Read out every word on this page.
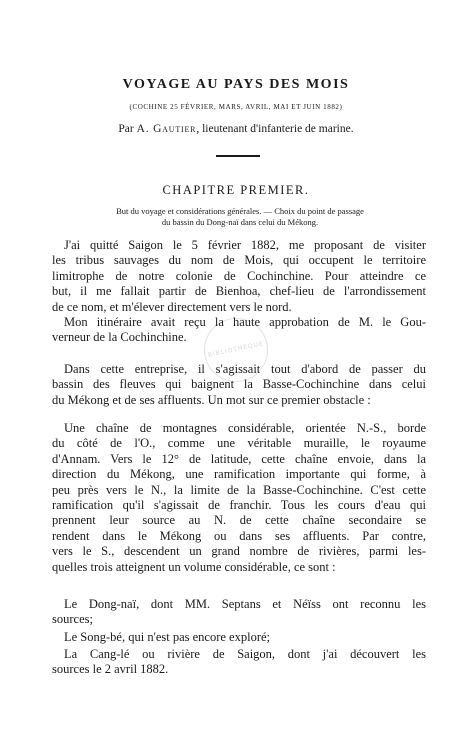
VOYAGE AU PAYS DES MOIS
(COCHINE 25 FÉVRIER, MARS, AVRIL, MAI ET JUIN 1882)
Par A. Gautier, lieutenant d'infanterie de marine.
CHAPITRE PREMIER.
But du voyage et considérations générales. — Choix du point de passage
du bassin du Dong-naï dans celui du Mékong.
BIBLIOTHÈQUE
J'ai quitté Saigon le 5 février 1882, me proposant de visiter
les tribus sauvages du nom de Mois, qui occupent le territoire
limitrophe de notre colonie de Cochinchine. Pour atteindre ce
but, il me fallait partir de Bienhoa, chef-lieu de l'arrondissement
de ce nom, et m'élever directement vers le nord.
Mon itinéraire avait reçu la haute approbation de M. le Gou-
verneur de la Cochinchine.
Dans cette entreprise, il s'agissait tout d'abord de passer du
bassin des fleuves qui baignent la Basse-Cochinchine dans celui
du Mékong et de ses affluents. Un mot sur ce premier obstacle :
Une chaîne de montagnes considérable, orientée N.-S., borde
du côté de l'O., comme une véritable muraille, le royaume
d'Annam. Vers le 12° de latitude, cette chaîne envoie, dans la
direction du Mékong, une ramification importante qui forme, à
peu près vers le N., la limite de la Basse-Cochinchine. C'est cette
ramification qu'il s'agissait de franchir. Tous les cours d'eau qui
prennent leur source au N. de cette chaîne secondaire se
rendent dans le Mékong ou dans ses affluents. Par contre,
vers le S., descendent un grand nombre de rivières, parmi les-
quelles trois atteignent un volume considérable, ce sont :
Le Dong-naï, dont MM. Septans et Néïss ont reconnu les
sources;
Le Song-bé, qui n'est pas encore exploré;
La Cang-lé ou rivière de Saigon, dont j'ai découvert les
sources le 2 avril 1882.
